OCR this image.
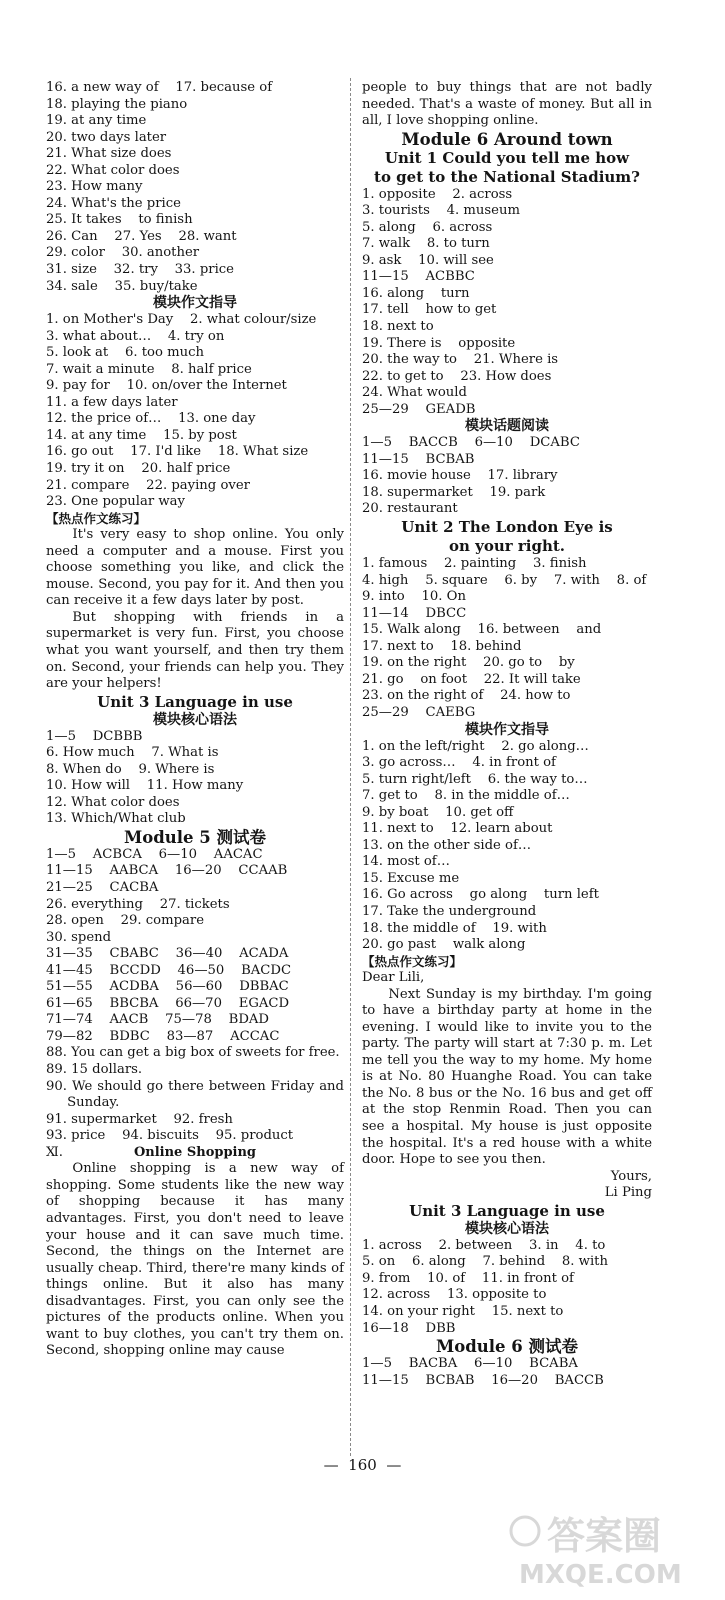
16. a new way of    17. because of
18. playing the piano
19. at any time
20. two days later
21. What size does
22. What color does
23. How many
24. What's the price
25. It takes    to finish
26. Can    27. Yes    28. want
29. color    30. another
31. size    32. try    33. price
34. sale    35. buy/take
模块作文指导
1. on Mother's Day    2. what colour/size
3. what about…    4. try on
5. look at    6. too much
7. wait a minute    8. half price
9. pay for    10. on/over the Internet
11. a few days later
12. the price of…    13. one day
14. at any time    15. by post
16. go out    17. I'd like    18. What size
19. try it on    20. half price
21. compare    22. paying over
23. One popular way
【热点作文练习】
It's very easy to shop online. You only need a computer and a mouse. First you choose something you like, and click the mouse. Second, you pay for it. And then you can receive it a few days later by post.
But shopping with friends in a supermarket is very fun. First, you choose what you want yourself, and then try them on. Second, your friends can help you. They are your helpers!
Unit 3 Language in use
模块核心语法
1—5    DCBBB
6. How much    7. What is
8. When do    9. Where is
10. How will    11. How many
12. What color does
13. Which/What club
Module 5 测试卷
1—5    ACBCA    6—10    AACAC
11—15    AABCA    16—20    CCAAB
21—25    CACBA
26. everything    27. tickets
28. open    29. compare
30. spend
31—35    CBABC    36—40    ACADA
41—45    BCCDD    46—50    BACDC
51—55    ACDBA    56—60    DBBAC
61—65    BBCBA    66—70    EGACD
71—74    AACB    75—78    BDAD
79—82    BDBC    83—87    ACCAC
88. You can get a big box of sweets for free.
89. 15 dollars.
90. We should go there between Friday and Sunday.
91. supermarket    92. fresh
93. price    94. biscuits    95. product
Ⅺ.	Online Shopping
Online shopping is a new way of shopping. Some students like the new way of shopping because it has many advantages. First, you don't need to leave your house and it can save much time. Second, the things on the Internet are usually cheap. Third, there're many kinds of things online. But it also has many disadvantages. First, you can only see the pictures of the products online. When you want to buy clothes, you can't try them on. Second, shopping online may cause
people to buy things that are not badly needed. That's a waste of money. But all in all, I love shopping online.
Module 6 Around town
Unit 1 Could you tell me how
to get to the National Stadium?
1. opposite    2. across
3. tourists    4. museum
5. along    6. across
7. walk    8. to turn
9. ask    10. will see
11—15    ACBBC
16. along    turn
17. tell    how to get
18. next to
19. There is    opposite
20. the way to    21. Where is
22. to get to    23. How does
24. What would
25—29    GEADB
模块话题阅读
1—5    BACCB    6—10    DCABC
11—15    BCBAB
16. movie house    17. library
18. supermarket    19. park
20. restaurant
Unit 2 The London Eye is
on your right.
1. famous    2. painting    3. finish
4. high    5. square    6. by    7. with    8. of
9. into    10. On
11—14    DBCC
15. Walk along    16. between    and
17. next to    18. behind
19. on the right    20. go to    by
21. go    on foot    22. It will take
23. on the right of    24. how to
25—29    CAEBG
模块作文指导
1. on the left/right    2. go along…
3. go across…    4. in front of
5. turn right/left    6. the way to…
7. get to    8. in the middle of…
9. by boat    10. get off
11. next to    12. learn about
13. on the other side of…
14. most of…
15. Excuse me
16. Go across    go along    turn left
17. Take the underground
18. the middle of    19. with
20. go past    walk along
【热点作文练习】
Dear Lili,
Next Sunday is my birthday. I'm going to have a birthday party at home in the evening. I would like to invite you to the party. The party will start at 7:30 p. m. Let me tell you the way to my home. My home is at No. 80 Huanghe Road. You can take the No. 8 bus or the No. 16 bus and get off at the stop Renmin Road. Then you can see a hospital. My house is just opposite the hospital. It's a red house with a white door. Hope to see you then.
Yours,
Li Ping
Unit 3 Language in use
模块核心语法
1. across    2. between    3. in    4. to
5. on    6. along    7. behind    8. with
9. from    10. of    11. in front of
12. across    13. opposite to
14. on your right    15. next to
16—18    DBB
Module 6 测试卷
1—5    BACBA    6—10    BCABA
11—15    BCBAB    16—20    BACCB
—  160  —
答案圈
MXQE.COM
